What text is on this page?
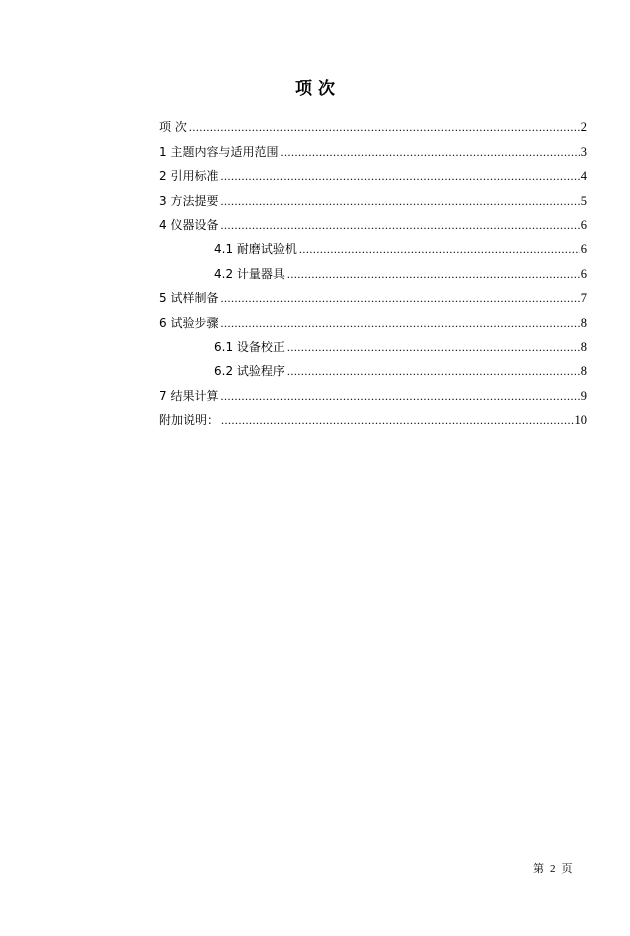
项 次
项 次 .....	2
1 主题内容与适用范围 .....	3
2 引用标准 .....	4
3 方法提要 .....	5
4 仪器设备 .....	6
4.1 耐磨试验机 .....	6
4.2 计量器具 .....	6
5 试样制备 .....	7
6 试验步骤 .....	8
6.1 设备校正 .....	8
6.2 试验程序 .....	8
7 结果计算 .....	9
附加说明： .....	10
第 2 页
